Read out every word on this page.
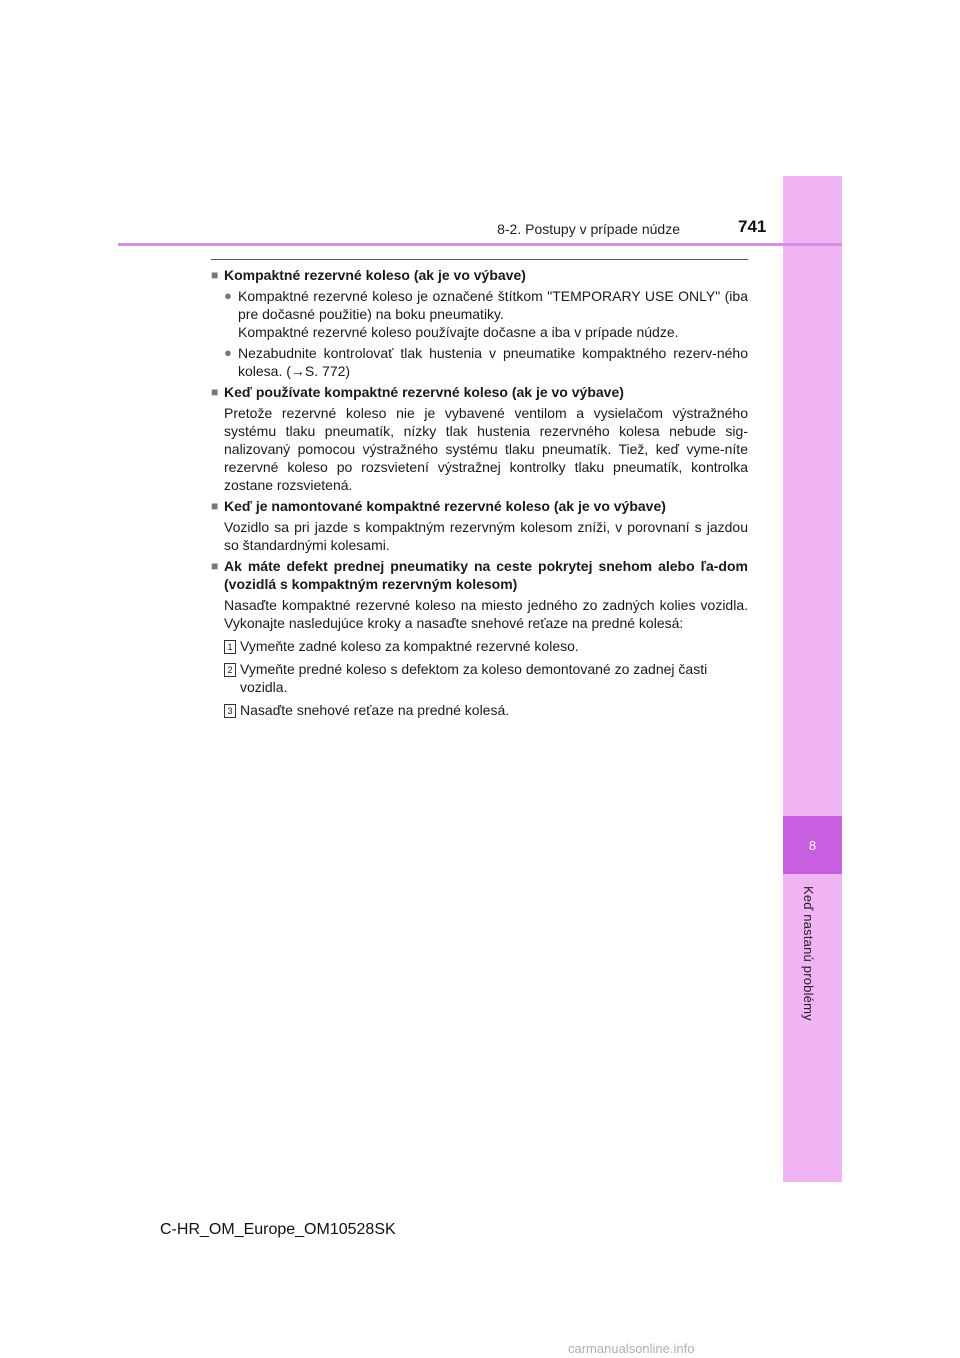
8
Keď nastanú problémy
8-2. Postupy v prípade núdze	741
■ Kompaktné rezervné koleso (ak je vo výbave)
● Kompaktné rezervné koleso je označené štítkom "TEMPORARY USE ONLY" (iba pre dočasné použitie) na boku pneumatiky.
Kompaktné rezervné koleso používajte dočasne a iba v prípade núdze.
● Nezabudnite kontrolovať tlak hustenia v pneumatike kompaktného rezerv-ného kolesa. (→S. 772)
■ Keď používate kompaktné rezervné koleso (ak je vo výbave)
Pretože rezervné koleso nie je vybavené ventilom a vysielačom výstražného systému tlaku pneumatík, nízky tlak hustenia rezervného kolesa nebude sig-nalizovaný pomocou výstražného systému tlaku pneumatík. Tiež, keď vyme-níte rezervné koleso po rozsvietení výstražnej kontrolky tlaku pneumatík, kontrolka zostane rozsvietená.
■ Keď je namontované kompaktné rezervné koleso (ak je vo výbave)
Vozidlo sa pri jazde s kompaktným rezervným kolesom zníži, v porovnaní s jazdou so štandardnými kolesami.
■ Ak máte defekt prednej pneumatiky na ceste pokrytej snehom alebo ľa-dom (vozidlá s kompaktným rezervným kolesom)
Nasaďte kompaktné rezervné koleso na miesto jedného zo zadných kolies vozidla. Vykonajte nasledujúce kroky a nasaďte snehové reťaze na predné kolesá:
1 Vymeňte zadné koleso za kompaktné rezervné koleso.
2 Vymeňte predné koleso s defektom za koleso demontované zo zadnej časti vozidla.
3 Nasaďte snehové reťaze na predné kolesá.
C-HR_OM_Europe_OM10528SK
carmanualsonline.info
